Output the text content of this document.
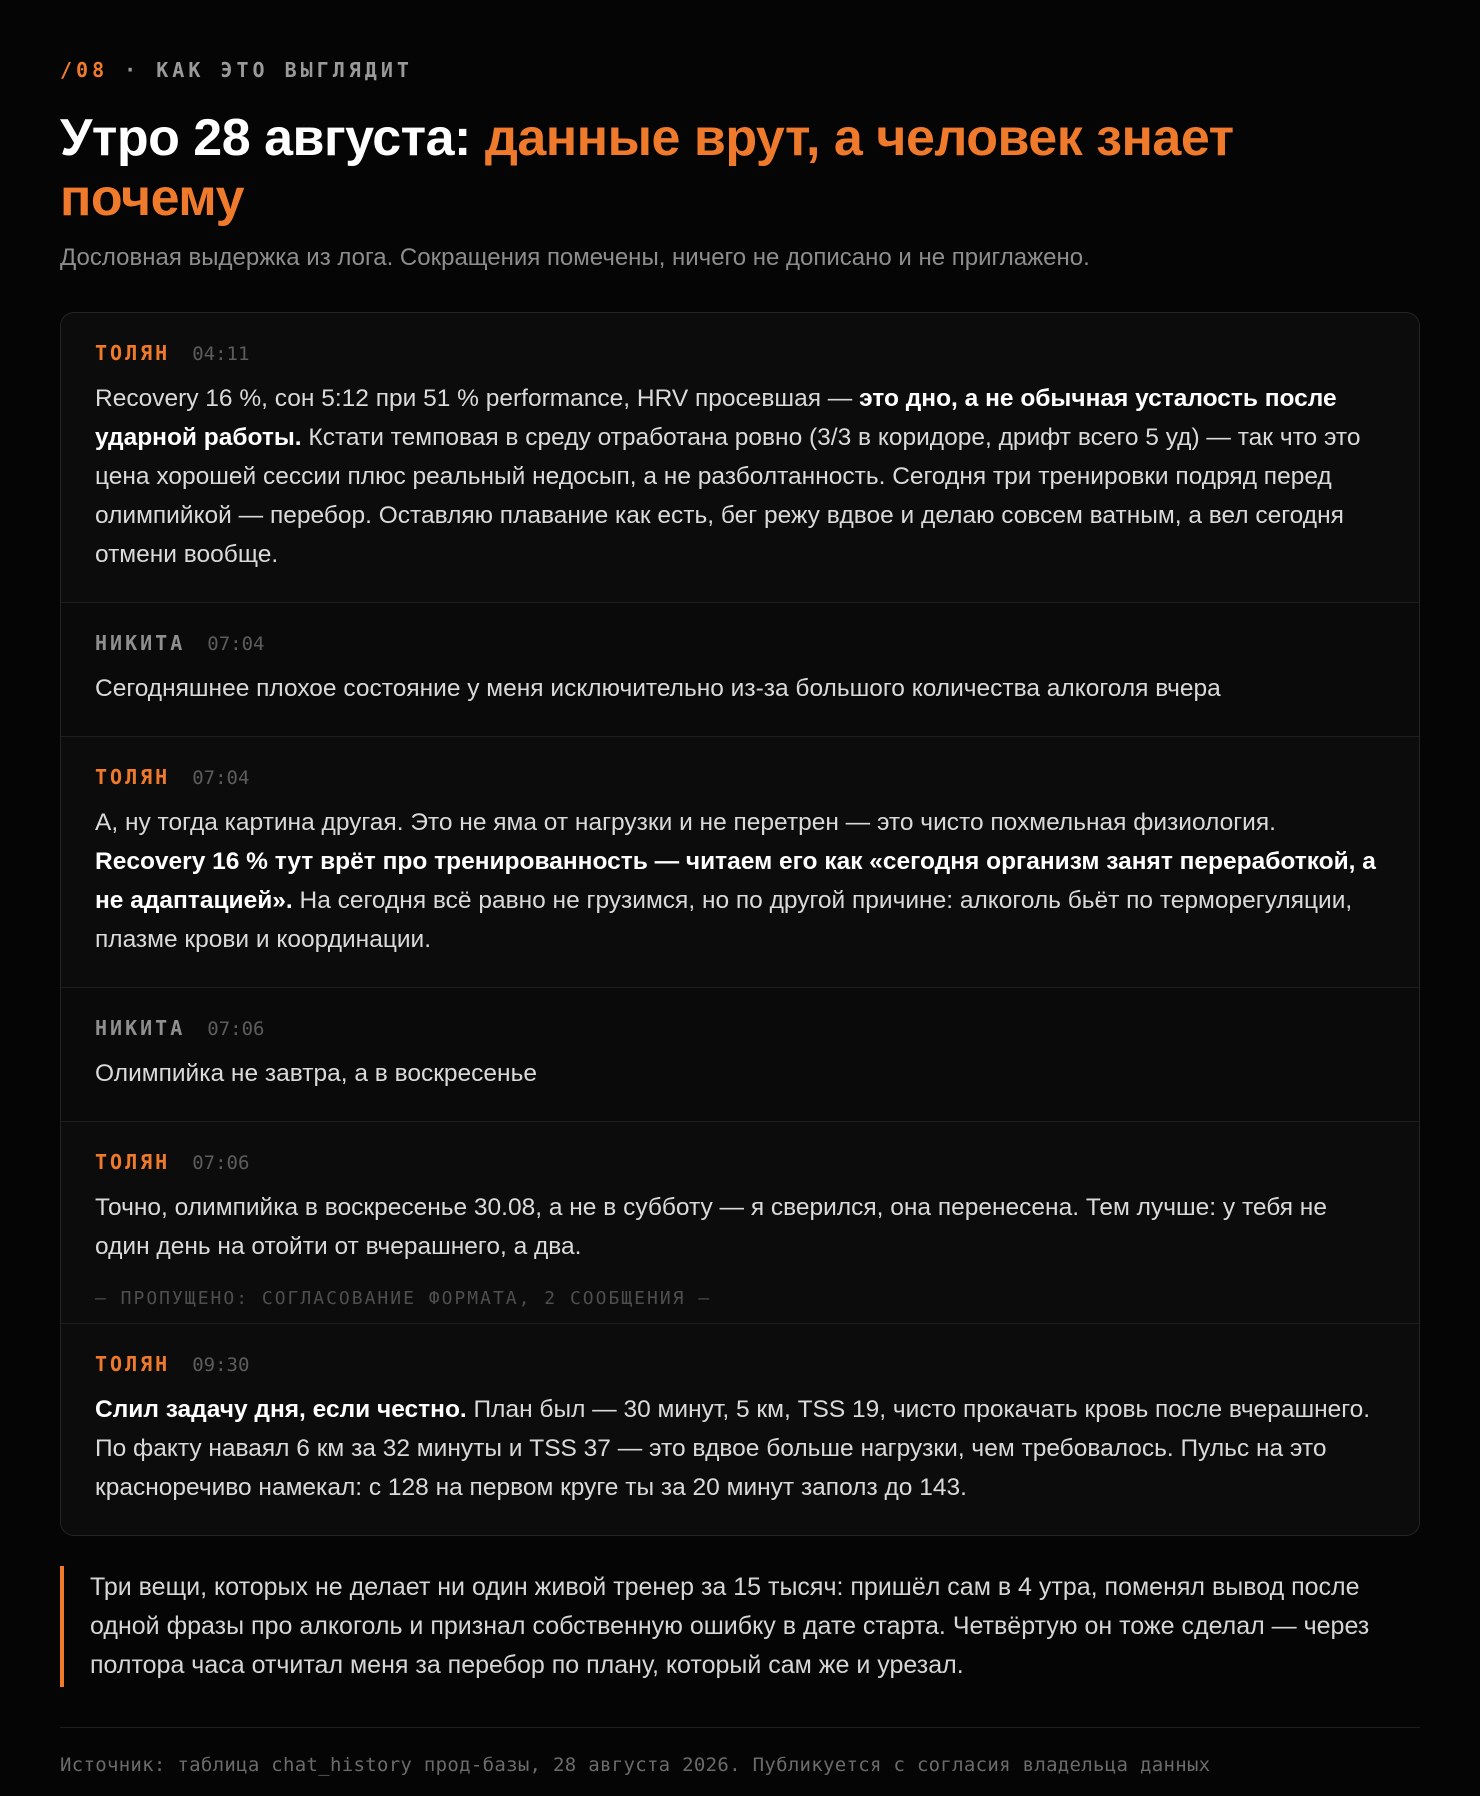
/08 · КАК ЭТО ВЫГЛЯДИТ

Утро 28 августа: данные врут, а человек знает почему

Дословная выдержка из лога. Сокращения помечены, ничего не дописано и не приглажено.

ТОЛЯН 04:11

Recovery 16 %, сон 5:12 при 51 % performance, HRV просевшая — это дно, а не обычная усталость после ударной работы. Кстати темповая в среду отработана ровно (3/3 в коридоре, дрифт всего 5 уд) — так что это цена хорошей сессии плюс реальный недосып, а не разболтанность. Сегодня три тренировки подряд перед олимпийкой — перебор. Оставляю плавание как есть, бег режу вдвое и делаю совсем ватным, а вел сегодня отмени вообще.

НИКИТА 07:04

Сегодняшнее плохое состояние у меня исключительно из-за большого количества алкоголя вчера

ТОЛЯН 07:04

А, ну тогда картина другая. Это не яма от нагрузки и не перетрен — это чисто похмельная физиология. Recovery 16 % тут врёт про тренированность — читаем его как «сегодня организм занят переработкой, а не адаптацией». На сегодня всё равно не грузимся, но по другой причине: алкоголь бьёт по терморегуляции, плазме крови и координации.

НИКИТА 07:06

Олимпийка не завтра, а в воскресенье

ТОЛЯН 07:06

Точно, олимпийка в воскресенье 30.08, а не в субботу — я сверился, она перенесена. Тем лучше: у тебя не один день на отойти от вчерашнего, а два.

— ПРОПУЩЕНО: СОГЛАСОВАНИЕ ФОРМАТА, 2 СООБЩЕНИЯ —
ТОЛЯН 09:30

Слил задачу дня, если честно. План был — 30 минут, 5 км, TSS 19, чисто прокачать кровь после вчерашнего. По факту наваял 6 км за 32 минуты и TSS 37 — это вдвое больше нагрузки, чем требовалось. Пульс на это красноречиво намекал: с 128 на первом круге ты за 20 минут заполз до 143.

Три вещи, которых не делает ни один живой тренер за 15 тысяч: пришёл сам в 4 утра, поменял вывод после одной фразы про алкоголь и признал собственную ошибку в дате старта. Четвёртую он тоже сделал — через полтора часа отчитал меня за перебор по плану, который сам же и урезал.
Источник: таблица chat_history прод-базы, 28 августа 2026. Публикуется с согласия владельца данных
